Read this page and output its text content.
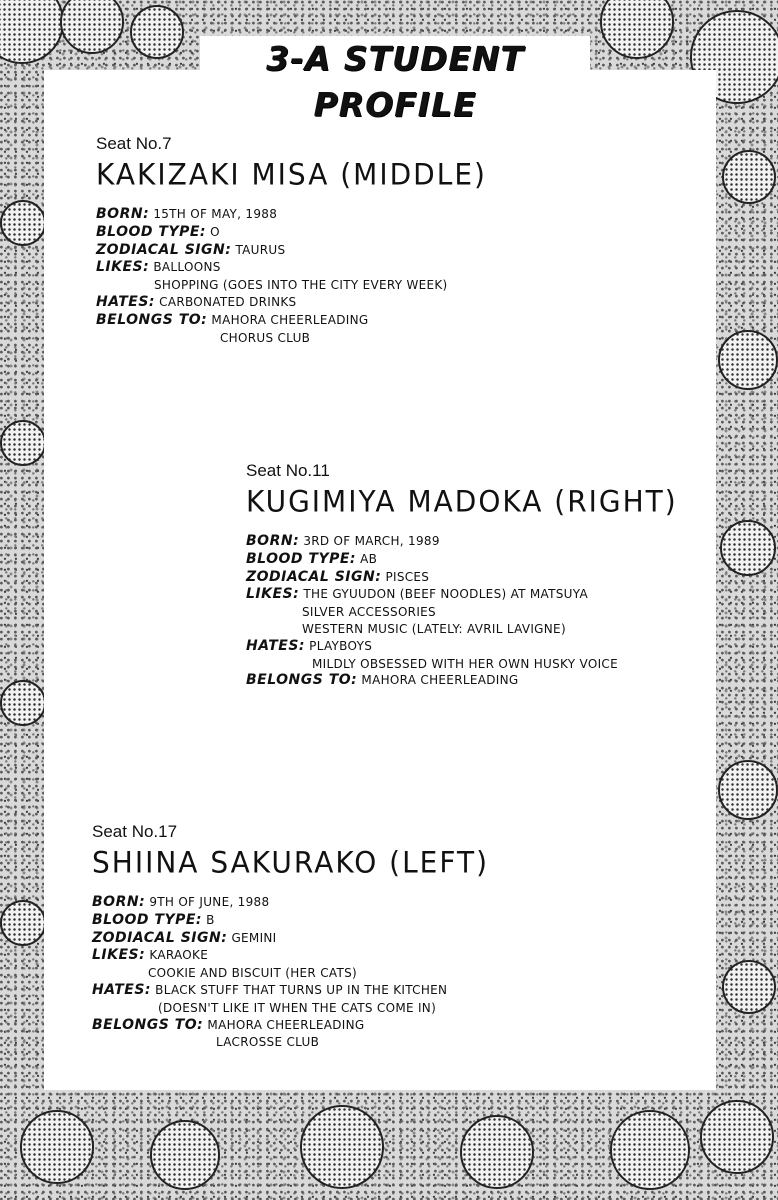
3-A STUDENT PROFILE
Seat No.7
KAKIZAKI MISA (MIDDLE)
BORN: 15TH OF MAY, 1988
BLOOD TYPE: O
ZODIACAL SIGN: TAURUS
LIKES: BALLOONS
SHOPPING (GOES INTO THE CITY EVERY WEEK)
HATES: CARBONATED DRINKS
BELONGS TO: MAHORA CHEERLEADING
CHORUS CLUB
Seat No.11
KUGIMIYA MADOKA (RIGHT)
BORN: 3RD OF MARCH, 1989
BLOOD TYPE: AB
ZODIACAL SIGN: PISCES
LIKES: THE GYUUDON (BEEF NOODLES) AT MATSUYA
SILVER ACCESSORIES
WESTERN MUSIC (LATELY: AVRIL LAVIGNE)
HATES: PLAYBOYS
MILDLY OBSESSED WITH HER OWN HUSKY VOICE
BELONGS TO: MAHORA CHEERLEADING
Seat No.17
SHIINA SAKURAKO (LEFT)
BORN: 9TH OF JUNE, 1988
BLOOD TYPE: B
ZODIACAL SIGN: GEMINI
LIKES: KARAOKE
COOKIE AND BISCUIT (HER CATS)
HATES: BLACK STUFF THAT TURNS UP IN THE KITCHEN
(DOESN'T LIKE IT WHEN THE CATS COME IN)
BELONGS TO: MAHORA CHEERLEADING
LACROSSE CLUB
